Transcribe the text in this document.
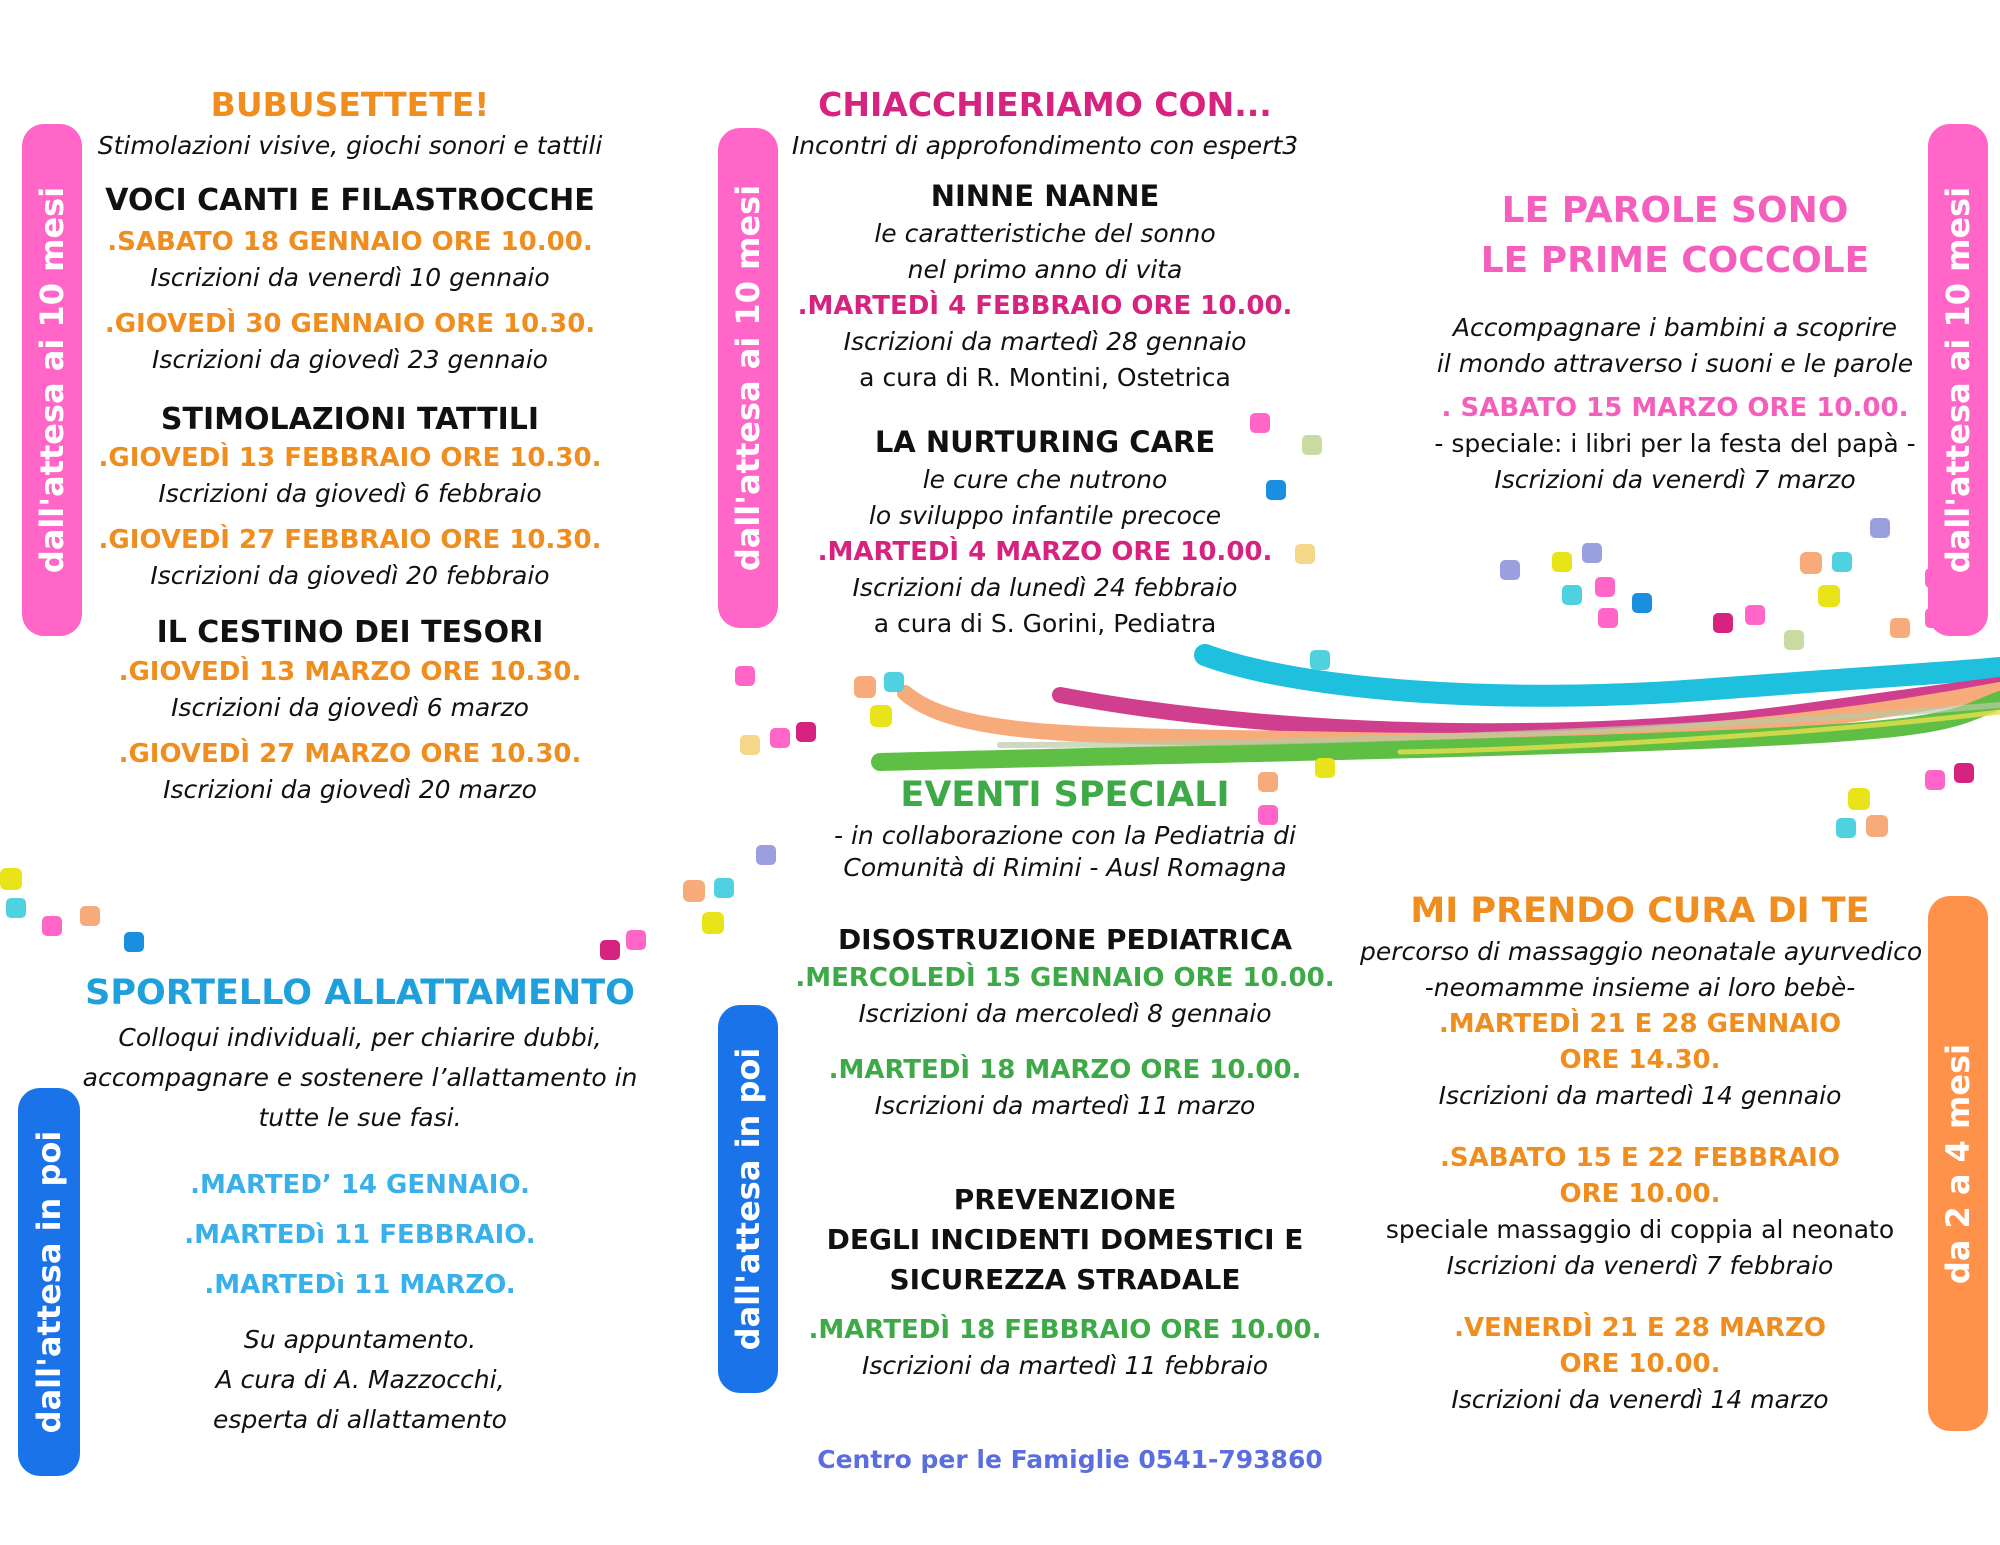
dall'attesa ai 10 mesi
dall'attesa in poi
dall'attesa ai 10 mesi
dall'attesa in poi
dall'attesa ai 10 mesi
da 2 a 4 mesi
BUBUSETTETE!
Stimolazioni visive, giochi sonori e tattili
VOCI CANTI E FILASTROCCHE
.SABATO 18 GENNAIO ORE 10.00.
Iscrizioni da venerdì 10 gennaio
.GIOVEDÌ 30 GENNAIO ORE 10.30.
Iscrizioni da giovedì 23 gennaio
STIMOLAZIONI TATTILI
.GIOVEDÌ 13 FEBBRAIO ORE 10.30.
Iscrizioni da giovedì 6 febbraio
.GIOVEDÌ 27 FEBBRAIO ORE 10.30.
Iscrizioni da giovedì 20 febbraio
IL CESTINO DEI TESORI
.GIOVEDÌ 13 MARZO ORE 10.30.
Iscrizioni da giovedì 6 marzo
.GIOVEDÌ 27 MARZO ORE 10.30.
Iscrizioni da giovedì 20 marzo
SPORTELLO ALLATTAMENTO
Colloqui individuali, per chiarire dubbi,
accompagnare e sostenere l’allattamento in
tutte le sue fasi.
.MARTED’ 14 GENNAIO.
.MARTEDì 11 FEBBRAIO.
.MARTEDì 11 MARZO.
Su appuntamento.
A cura di A. Mazzocchi,
esperta di allattamento
CHIACCHIERIAMO CON...
Incontri di approfondimento con espert3
NINNE NANNE
le caratteristiche del sonno
nel primo anno di vita
.MARTEDÌ 4 FEBBRAIO ORE 10.00.
Iscrizioni da martedì 28 gennaio
a cura di R. Montini, Ostetrica
LA NURTURING CARE
le cure che nutrono
lo sviluppo infantile precoce
.MARTEDÌ 4 MARZO ORE 10.00.
Iscrizioni da lunedì 24 febbraio
a cura di S. Gorini, Pediatra
EVENTI SPECIALI
- in collaborazione con la Pediatria di
Comunità di Rimini - Ausl Romagna
DISOSTRUZIONE PEDIATRICA
.MERCOLEDÌ 15 GENNAIO ORE 10.00.
Iscrizioni da mercoledì 8 gennaio
.MARTEDÌ 18 MARZO ORE 10.00.
Iscrizioni da martedì 11 marzo
PREVENZIONE
DEGLI INCIDENTI DOMESTICI E
SICUREZZA STRADALE
.MARTEDÌ 18 FEBBRAIO ORE 10.00.
Iscrizioni da martedì 11 febbraio
LE PAROLE SONO
LE PRIME COCCOLE
Accompagnare i bambini a scoprire
il mondo attraverso i suoni e le parole
. SABATO 15 MARZO ORE 10.00.
- speciale: i libri per la festa del papà -
Iscrizioni da venerdì 7 marzo
MI PRENDO CURA DI TE
percorso di massaggio neonatale ayurvedico
-neomamme insieme ai loro bebè-
.MARTEDÌ 21 E 28 GENNAIO
ORE 14.30.
Iscrizioni da martedì 14 gennaio
.SABATO 15 E 22 FEBBRAIO
ORE 10.00.
speciale massaggio di coppia al neonato
Iscrizioni da venerdì 7 febbraio
.VENERDÌ 21 E 28 MARZO
ORE 10.00.
Iscrizioni da venerdì 14 marzo
Centro per le Famiglie 0541-793860
